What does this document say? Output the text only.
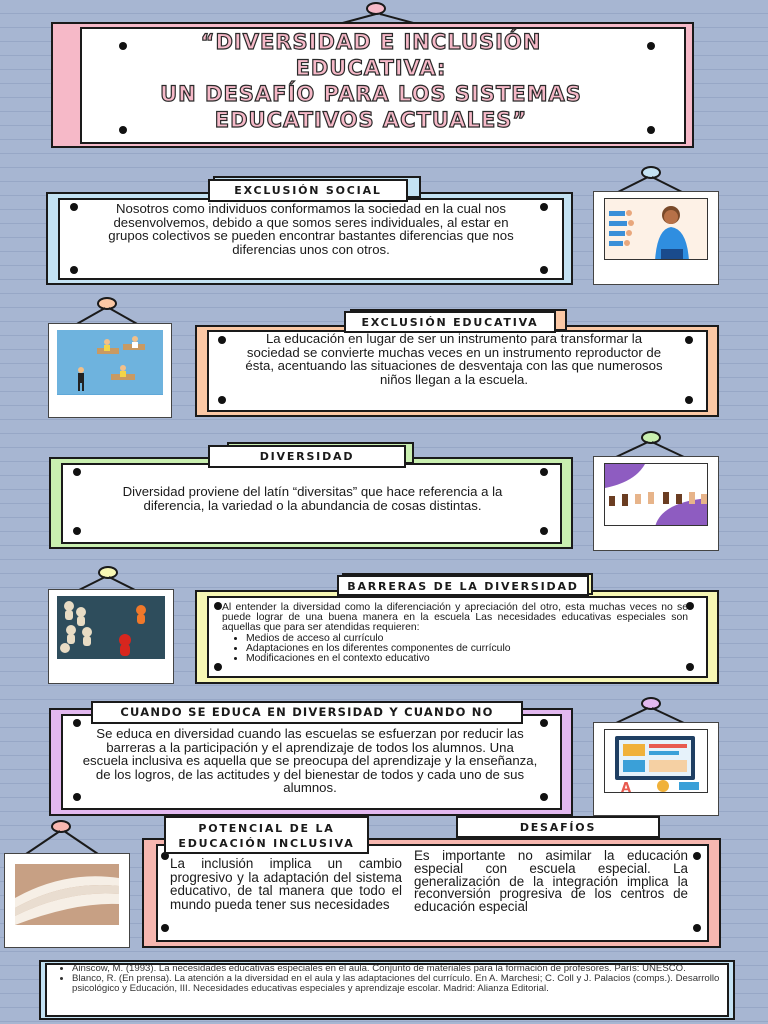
“DIVERSIDAD E INCLUSIÓN
EDUCATIVA:
UN DESAFÍO PARA LOS SISTEMAS
EDUCATIVOS ACTUALES”
EXCLUSIÓN SOCIAL
Nosotros como individuos conformamos la sociedad en la cual nos desenvolvemos, debido a que somos seres individuales, al estar en grupos colectivos se pueden encontrar bastantes diferencias que nos diferencias unos con otros.
EXCLUSIÓN EDUCATIVA
La educación en lugar de ser un instrumento para transformar la sociedad se convierte muchas veces en un instrumento reproductor de ésta, acentuando las situaciones de desventaja con las que numerosos niños llegan a la escuela.
DIVERSIDAD
Diversidad proviene del latín “diversitas” que hace referencia a la diferencia, la variedad o la abundancia de cosas distintas.
BARRERAS DE LA DIVERSIDAD
Al entender la diversidad como la diferenciación y apreciación del otro, esta muchas veces no se puede lograr de una buena manera en la escuela Las necesidades educativas especiales son aquellas que para ser atendidas requieren:
• Medios de acceso al currículo
• Adaptaciones en los diferentes componentes de currículo
• Modificaciones en el contexto educativo
CUANDO SE EDUCA EN DIVERSIDAD Y CUANDO NO
Se educa en diversidad cuando las escuelas se esfuerzan por reducir las barreras a la participación y el aprendizaje de todos los alumnos. Una escuela inclusiva es aquella que se preocupa del aprendizaje y la enseñanza, de los logros, de las actitudes y del bienestar de todos y cada uno de sus alumnos.	A
POTENCIAL DE LA
EDUCACIÓN INCLUSIVA
DESAFÍOS
La inclusión implica un cambio progresivo y la adaptación del sistema educativo, de tal manera que todo el mundo pueda tener sus necesidades
Es importante no asimilar la educación especial con escuela especial. La generalización de la integración implica la reconversión progresiva de los centros de educación especial
• Ainscow, M. (1993). La necesidades educativas especiales en el aula. Conjunto de materiales para la formación de profesores. París: UNESCO.
• Blanco, R. (En prensa). La atención a la diversidad en el aula y las adaptaciones del currículo. En A. Marchesi; C. Coll y J. Palacios (comps.). Desarrollo psicológico y Educación, III. Necesidades educativas especiales y aprendizaje escolar. Madrid: Alianza Editorial.
